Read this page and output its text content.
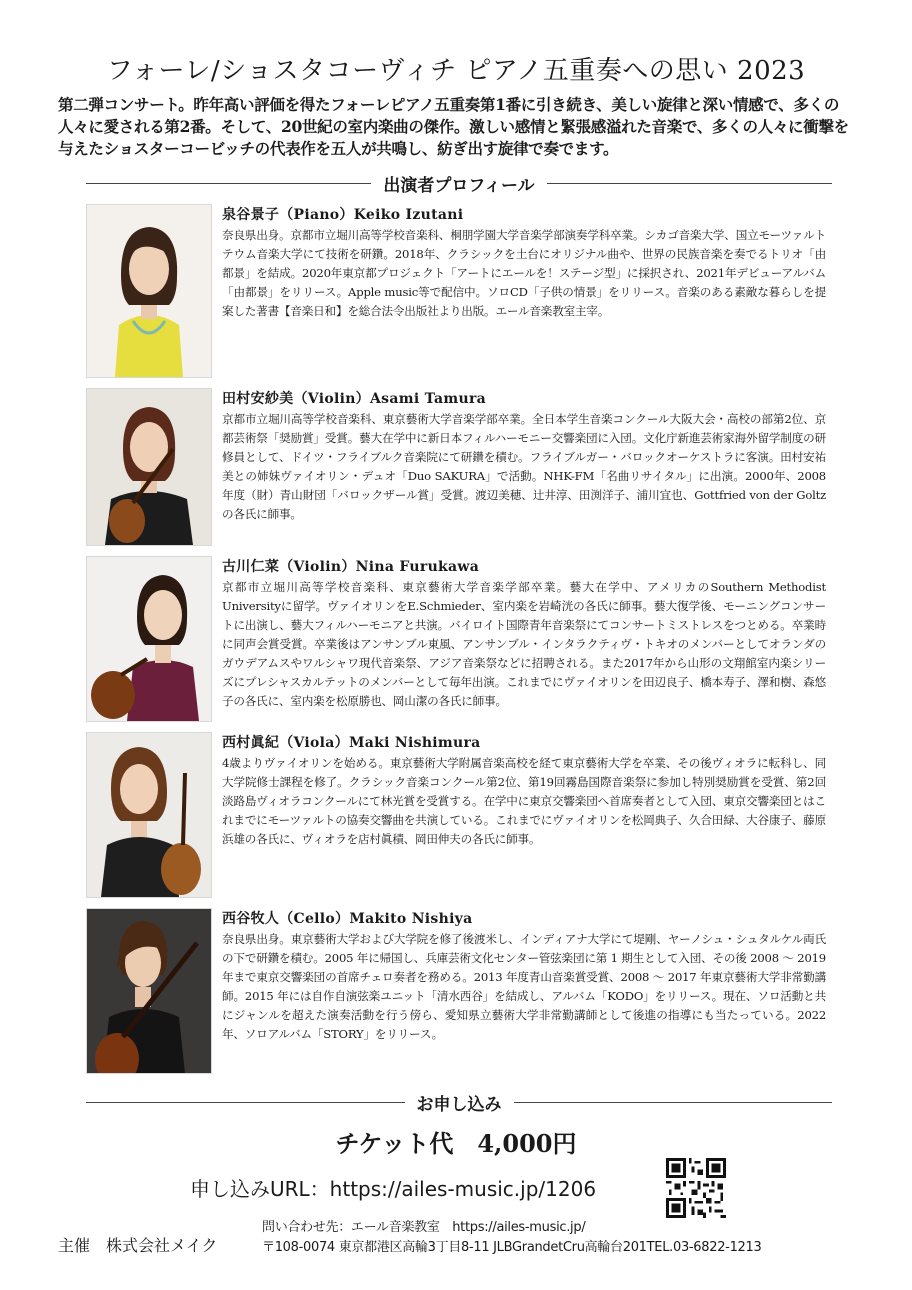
フォーレ/ショスタコーヴィチ ピアノ五重奏への思い 2023
第二弾コンサート。昨年高い評価を得たフォーレピアノ五重奏第1番に引き続き、美しい旋律と深い情感で、多くの人々に愛される第2番。そして、20世紀の室内楽曲の傑作。激しい感情と緊張感溢れた音楽で、多くの人々に衝撃を与えたショスターコービッチの代表作を五人が共鳴し、紡ぎ出す旋律で奏でます。
出演者プロフィール
泉谷景子（Piano）Keiko Izutani
奈良県出身。京都市立堀川高等学校音楽科、桐朋学園大学音楽学部演奏学科卒業。シカゴ音楽大学、国立モーツァルトテウム音楽大学にて技術を研鑽。2018年、クラシックを土台にオリジナル曲や、世界の民族音楽を奏でるトリオ「由都景」を結成。2020年東京都プロジェクト「アートにエールを！ステージ型」に採択され、2021年デビューアルバム「由都景」をリリース。Apple music等で配信中。ソロCD「子供の情景」をリリース。音楽のある素敵な暮らしを提案した著書【音楽日和】を総合法令出版社より出版。エール音楽教室主宰。
田村安紗美（Violin）Asami Tamura
京都市立堀川高等学校音楽科、東京藝術大学音楽学部卒業。全日本学生音楽コンクール大阪大会・高校の部第2位、京都芸術祭「奨励賞」受賞。藝大在学中に新日本フィルハーモニー交響楽団に入団。文化庁新進芸術家海外留学制度の研修員として、ドイツ・フライブルク音楽院にて研鑽を積む。フライブルガー・バロックオーケストラに客演。田村安祐美との姉妹ヴァイオリン・デュオ「Duo SAKURA」で活動。NHK-FM「名曲リサイタル」に出演。2000年、2008年度（財）青山財団「バロックザール賞」受賞。渡辺美穂、辻井淳、田渕洋子、浦川宜也、Gottfried von der Goltzの各氏に師事。
古川仁菜（Violin）Nina Furukawa
京都市立堀川高等学校音楽科、東京藝術大学音楽学部卒業。藝大在学中、アメリカのSouthern Methodist Universityに留学。ヴァイオリンをE.Schmieder、室内楽を岩崎洸の各氏に師事。藝大復学後、モーニングコンサートに出演し、藝大フィルハーモニアと共演。バイロイト国際青年音楽祭にてコンサートミストレスをつとめる。卒業時に同声会賞受賞。卒業後はアンサンブル東風、アンサンブル・インタラクティヴ・トキオのメンバーとしてオランダのガウデアムスやワルシャワ現代音楽祭、アジア音楽祭などに招聘される。また2017年から山形の文翔館室内楽シリーズにプレシャスカルテットのメンバーとして毎年出演。これまでにヴァイオリンを田辺良子、橋本寿子、澤和樹、森悠子の各氏に、室内楽を松原勝也、岡山潔の各氏に師事。
西村眞紀（Viola）Maki Nishimura
4歳よりヴァイオリンを始める。東京藝術大学附属音楽高校を経て東京藝術大学を卒業、その後ヴィオラに転科し、同大学院修士課程を修了。クラシック音楽コンクール第2位、第19回霧島国際音楽祭に参加し特別奨励賞を受賞、第2回淡路島ヴィオラコンクールにて林光賞を受賞する。在学中に東京交響楽団へ首席奏者として入団、東京交響楽団とはこれまでにモーツァルトの協奏交響曲を共演している。これまでにヴァイオリンを松岡典子、久合田緑、大谷康子、藤原浜雄の各氏に、ヴィオラを店村眞積、岡田伸夫の各氏に師事。
西谷牧人（Cello）Makito Nishiya
奈良県出身。東京藝術大学および大学院を修了後渡米し、インディアナ大学にて堤剛、ヤーノシュ・シュタルケル両氏の下で研鑽を積む。2005 年に帰国し、兵庫芸術文化センター管弦楽団に第 1 期生として入団、その後 2008 ～ 2019 年まで東京交響楽団の首席チェロ奏者を務める。2013 年度青山音楽賞受賞、2008 ～ 2017 年東京藝術大学非常勤講師。2015 年には自作自演弦楽ユニット「清水西谷」を結成し、アルバム「KODO」をリリース。現在、ソロ活動と共にジャンルを超えた演奏活動を行う傍ら、愛知県立藝術大学非常勤講師として後進の指導にも当たっている。2022 年、ソロアルバム「STORY」をリリース。
お申し込み
チケット代　4,000円
申し込みURL：https://ailes-music.jp/1206
主催　株式会社メイク
問い合わせ先：エール音楽教室　https://ailes-music.jp/
〒108-0074 東京都港区高輪3丁目8-11 JLBGrandetCru高輪台201TEL.03-6822-1213
